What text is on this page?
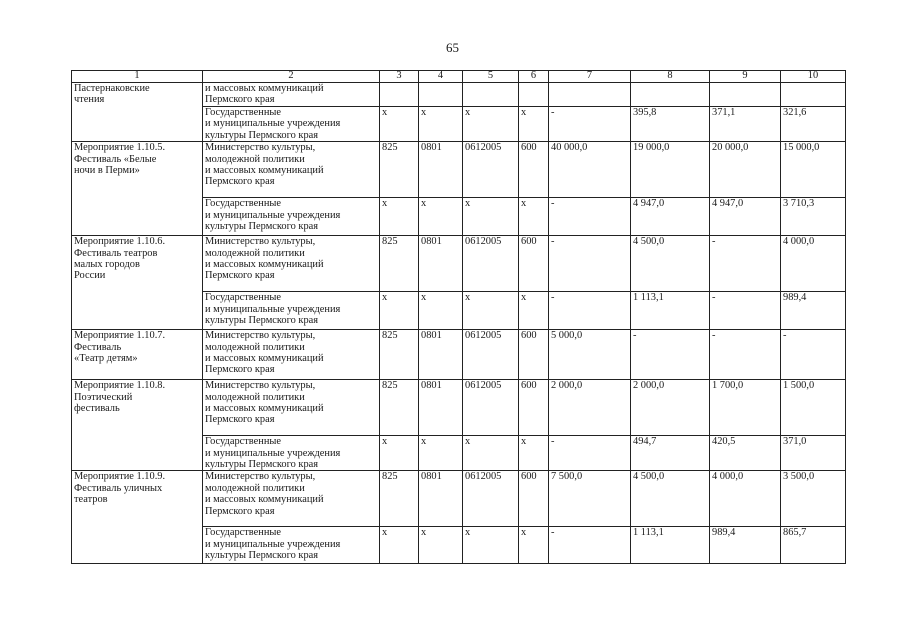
65
1	2	3	4	5	6	7	8	9	10
Пастернаковские
чтения	и массовых коммуникаций
Пермского края								
	Государственные
и муниципальные учреждения
культуры Пермского края	х	х	х	х	-	395,8	371,1	321,6
Мероприятие 1.10.5.
Фестиваль «Белые
ночи в Перми»	Министерство культуры,
молодежной политики
и массовых коммуникаций
Пермского края	825	0801	0612005	600	40 000,0	19 000,0	20 000,0	15 000,0
	Государственные
и муниципальные учреждения
культуры Пермского края	х	х	х	х	-	4 947,0	4 947,0	3 710,3
Мероприятие 1.10.6.
Фестиваль театров
малых городов
России	Министерство культуры,
молодежной политики
и массовых коммуникаций
Пермского края	825	0801	0612005	600	-	4 500,0	-	4 000,0
	Государственные
и муниципальные учреждения
культуры Пермского края	х	х	х	х	-	1 113,1	-	989,4
Мероприятие 1.10.7.
Фестиваль
«Театр детям»	Министерство культуры,
молодежной политики
и массовых коммуникаций
Пермского края	825	0801	0612005	600	5 000,0	-	-	-
Мероприятие 1.10.8.
Поэтический
фестиваль	Министерство культуры,
молодежной политики
и массовых коммуникаций
Пермского края	825	0801	0612005	600	2 000,0	2 000,0	1 700,0	1 500,0
	Государственные
и муниципальные учреждения
культуры Пермского края	х	х	х	х	-	494,7	420,5	371,0
Мероприятие 1.10.9.
Фестиваль уличных
театров	Министерство культуры,
молодежной политики
и массовых коммуникаций
Пермского края	825	0801	0612005	600	7 500,0	4 500,0	4 000,0	3 500,0
	Государственные
и муниципальные учреждения
культуры Пермского края	х	х	х	х	-	1 113,1	989,4	865,7
